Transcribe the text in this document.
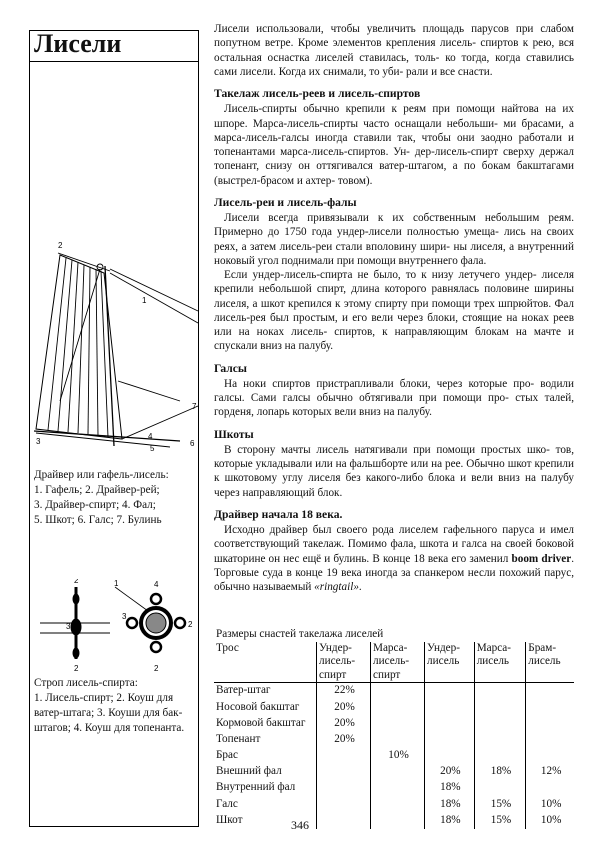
Лисели
1
2
3
4
5
6
7

Драйвер или гафель-лисель:

1. Гафель; 2. Драйвер-рей;

3. Драйвер-спирт; 4. Фал;

5. Шкот; 6. Галс; 7. Булинь

4
1
2
3
3
2	2
2

Строп лисель-спирта:

1. Лисель-спирт; 2. Коуш для

ватер-штага; 3. Коуши для бак-

штагов; 4. Коуш для топенанта.

Лисели использовали, чтобы увеличить площадь парусов при слабом попутном ветре. Кроме элементов крепления лисель- спиртов к рею, вся остальная оснастка лиселей ставилась, толь- ко тогда, когда ставились сами лисели. Когда их снимали, то уби- рали и все снасти.

Такелаж лисель-реев и лисель-спиртов

Лисель-спирты обычно крепили к реям при помощи найтова на их шпоре. Марса-лисель-спирты часто оснащали небольши- ми брасами, а марса-лисель-галсы иногда ставили так, чтобы они заодно работали и топенантами марса-лисель-спиртов. Ун- дер-лисель-спирт сверху держал топенант, снизу он оттягивался ватер-штагом, а по бокам бакштагами (выстрел-брасом и ахтер- товом).

Лисель-реи и лисель-фалы

Лисели всегда привязывали к их собственным небольшим реям. Примерно до 1750 года ундер-лисели полностью умеща- лись на своих реях, а затем лисель-реи стали вполовину шири- ны лиселя, а внутренний ноковый угол поднимали при помощи внутреннего фала.

Если ундер-лисель-спирта не было, то к низу летучего ундер- лиселя крепили небольшой спирт, длина которого равнялась половине ширины лиселя, а шкот крепился к этому спирту при помощи трех шпрюйтов. Фал лисель-рея был простым, и его вели через блоки, стоящие на ноках реев или на ноках лисель- спиртов, к направляющим блокам на мачте и спускали вниз на палубу.

Галсы

На ноки спиртов пристрапливали блоки, через которые про- водили галсы. Сами галсы обычно обтягивали при помощи про- стых талей, горденя, лопарь которых вели вниз на палубу.

Шкоты

В сторону мачты лисель натягивали при помощи простых шко- тов, которые укладывали или на фальшборте или на рее. Обычно шкот крепили к шкотовому углу лиселя без какого-либо блока и вели вниз на палубу через направляющий блок.

Драйвер начала 18 века.

Исходно драйвер был своего рода лиселем гафельного паруса и имел соответствующий такелаж. Помимо фала, шкота и галса на своей боковой шкаторине он нес ещё и булинь. В конце 18 века его заменил boom driver. Торговые суда в конце 19 века иногда за спанкером несли похожий парус, обычно называемый «ringtail».

Размеры снастей такелажа лиселей
Трос	Ундер-
лисель-
спирт	Марса-
лисель-
спирт	Ундер-
лисель	Марса-
лисель	Брам-
лисель
Ватер-штаг	22%				
Носовой бакштаг	20%				
Кормовой бакштаг	20%				
Топенант	20%				
Брас		10%			
Внешний фал			20%	18%	12%
Внутренний фал			18%		
Галс			18%	15%	10%
Шкот			18%	15%	10%
346
